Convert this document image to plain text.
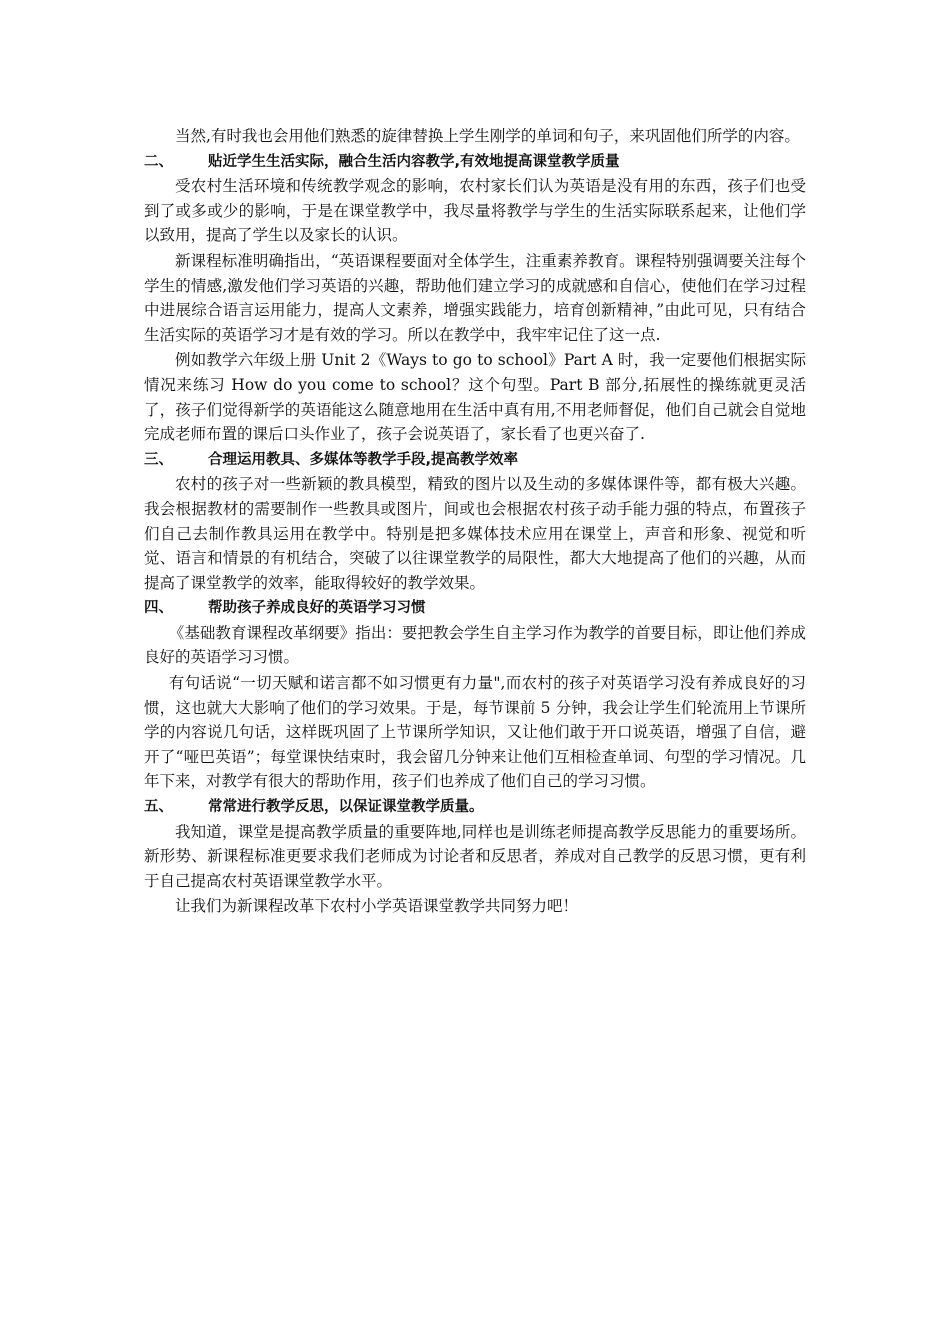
当然,有时我也会用他们熟悉的旋律替换上学生刚学的单词和句子，来巩固他们所学的内容。

二、 贴近学生生活实际，融合生活内容教学,有效地提高课堂教学质量

受农村生活环境和传统教学观念的影响，农村家长们认为英语是没有用的东西，孩子们也受到了或多或少的影响，于是在课堂教学中，我尽量将教学与学生的生活实际联系起来，让他们学以致用，提高了学生以及家长的认识。

新课程标准明确指出，“英语课程要面对全体学生，注重素养教育。课程特别强调要关注每个学生的情感,激发他们学习英语的兴趣，帮助他们建立学习的成就感和自信心，使他们在学习过程中进展综合语言运用能力，提高人文素养，增强实践能力，培育创新精神，”由此可见，只有结合生活实际的英语学习才是有效的学习。所以在教学中，我牢牢记住了这一点.

例如教学六年级上册 Unit 2《Ways to go to school》Part A 时，我一定要他们根据实际情况来练习 How do you come to school？这个句型。Part B 部分,拓展性的操练就更灵活了，孩子们觉得新学的英语能这么随意地用在生活中真有用,不用老师督促，他们自己就会自觉地完成老师布置的课后口头作业了，孩子会说英语了，家长看了也更兴奋了.

三、 合理运用教具、多媒体等教学手段,提高教学效率

农村的孩子对一些新颖的教具模型，精致的图片以及生动的多媒体课件等，都有极大兴趣。我会根据教材的需要制作一些教具或图片，间或也会根据农村孩子动手能力强的特点，布置孩子们自己去制作教具运用在教学中。特别是把多媒体技术应用在课堂上，声音和形象、视觉和听觉、语言和情景的有机结合，突破了以往课堂教学的局限性，都大大地提高了他们的兴趣，从而提高了课堂教学的效率，能取得较好的教学效果。

四、 帮助孩子养成良好的英语学习习惯

《基础教育课程改革纲要》指出：要把教会学生自主学习作为教学的首要目标，即让他们养成良好的英语学习习惯。

有句话说“一切天赋和诺言都不如习惯更有力量",而农村的孩子对英语学习没有养成良好的习惯，这也就大大影响了他们的学习效果。于是，每节课前 5 分钟，我会让学生们轮流用上节课所学的内容说几句话，这样既巩固了上节课所学知识，又让他们敢于开口说英语，增强了自信，避开了“哑巴英语”；每堂课快结束时，我会留几分钟来让他们互相检查单词、句型的学习情况。几年下来，对教学有很大的帮助作用，孩子们也养成了他们自己的学习习惯。

五、 常常进行教学反思，以保证课堂教学质量。

我知道，课堂是提高教学质量的重要阵地,同样也是训练老师提高教学反思能力的重要场所。新形势、新课程标准更要求我们老师成为讨论者和反思者，养成对自己教学的反思习惯，更有利于自己提高农村英语课堂教学水平。

让我们为新课程改革下农村小学英语课堂教学共同努力吧！
